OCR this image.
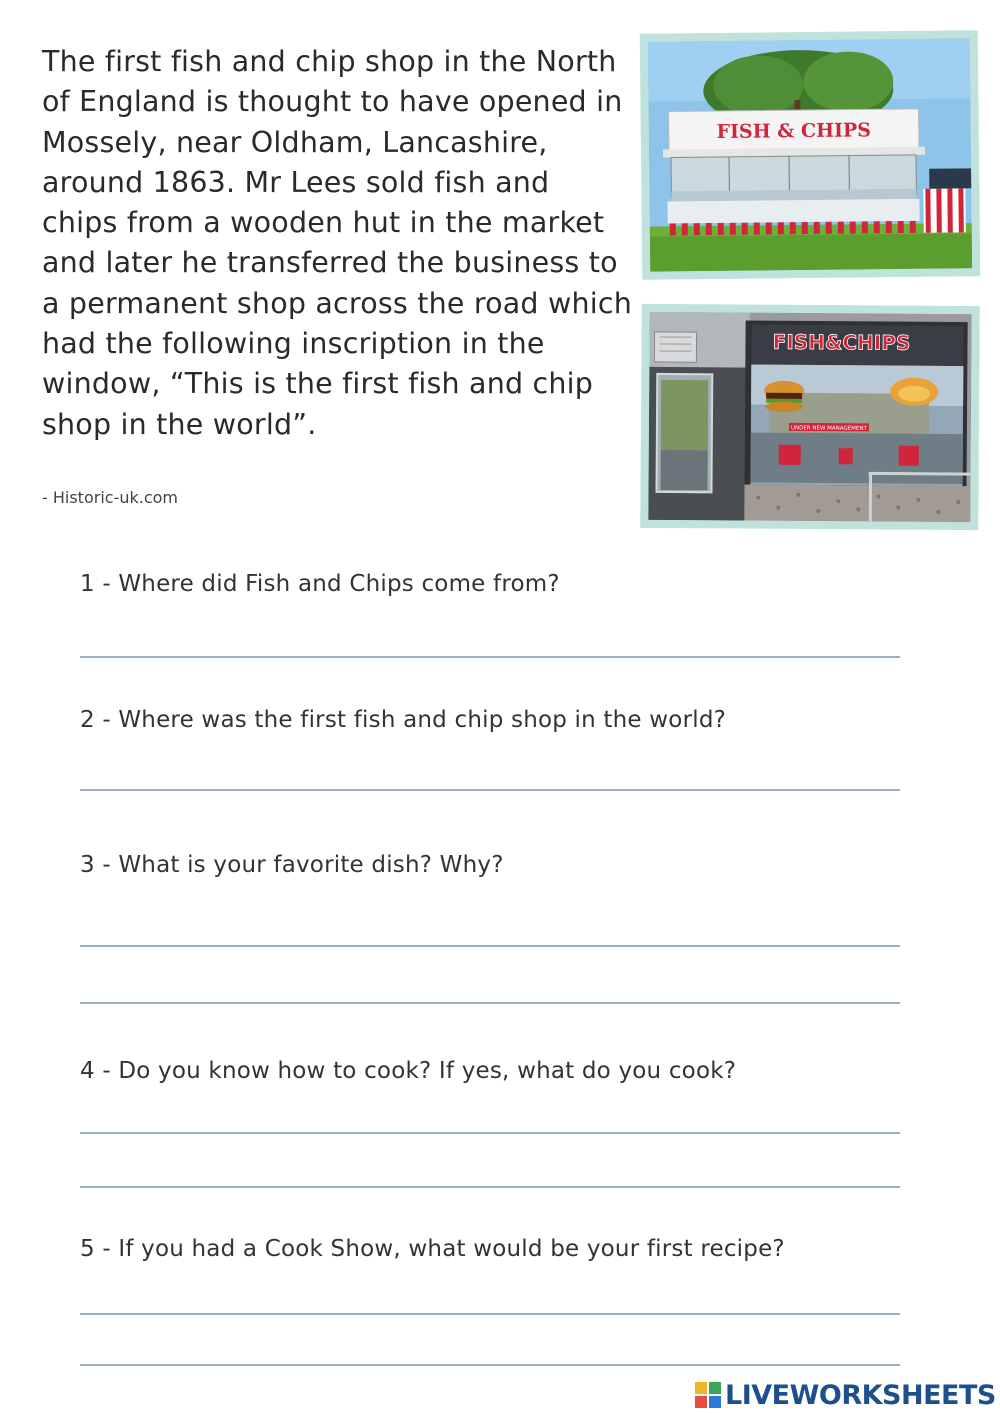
The first fish and chip shop in the North of England is thought to have opened in Mossely, near Oldham, Lancashire, around 1863. Mr Lees sold fish and chips from a wooden hut in the market and later he transferred the business to a permanent shop across the road which had the following inscription in the window, “This is the first fish and chip shop in the world”.

- Historic-uk.com
FISH & CHIPS
UNDER NEW MANAGEMENT
FISH&CHIPS
1 - Where did Fish and Chips come from?
2 - Where was the first fish and chip shop in the world?
3 - What is your favorite dish? Why?
4 - Do you know how to cook? If yes, what do you cook?
5 - If you had a Cook Show, what would be your first recipe?
LIVEWORKSHEETS
